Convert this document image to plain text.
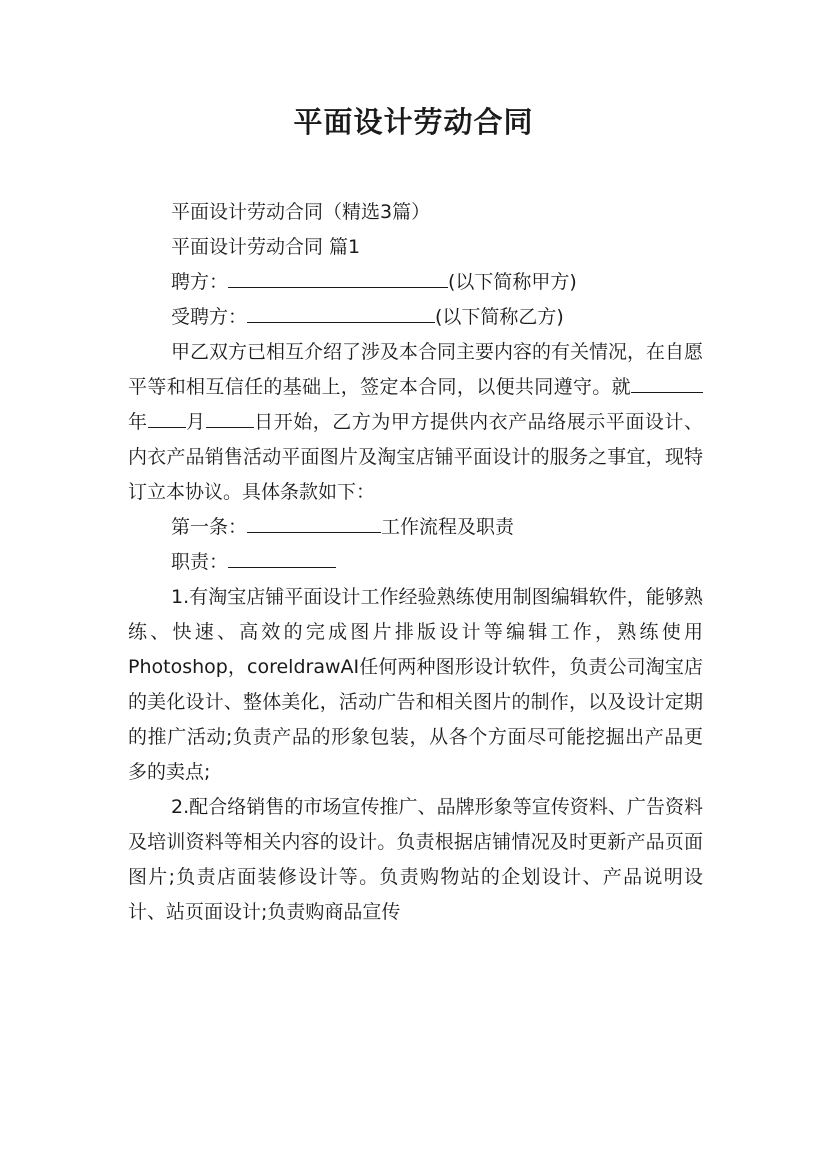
平面设计劳动合同

平面设计劳动合同（精选3篇）

平面设计劳动合同 篇1

聘方：	(以下简称甲方)

受聘方：	(以下简称乙方)

甲乙双方已相互介绍了涉及本合同主要内容的有关情况，在自愿平等和相互信任的基础上，签定本合同，以便共同遵守。就年 月	日开始，乙方为甲方提供内衣产品络展示平面设计、内衣产品销售活动平面图片及淘宝店铺平面设计的服务之事宜，现特订立本协议。具体条款如下：

第一条：	工作流程及职责

职责：

1.有淘宝店铺平面设计工作经验熟练使用制图编辑软件，能够熟练、快速、高效的完成图片排版设计等编辑工作，熟练使用Photoshop，coreldrawAI任何两种图形设计软件，负责公司淘宝店的美化设计、整体美化，活动广告和相关图片的制作，以及设计定期的推广活动;负责产品的形象包装，从各个方面尽可能挖掘出产品更多的卖点;

2.配合络销售的市场宣传推广、品牌形象等宣传资料、广告资料及培训资料等相关内容的设计。负责根据店铺情况及时更新产品页面图片;负责店面装修设计等。负责购物站的企划设计、产品说明设计、站页面设计;负责购商品宣传
